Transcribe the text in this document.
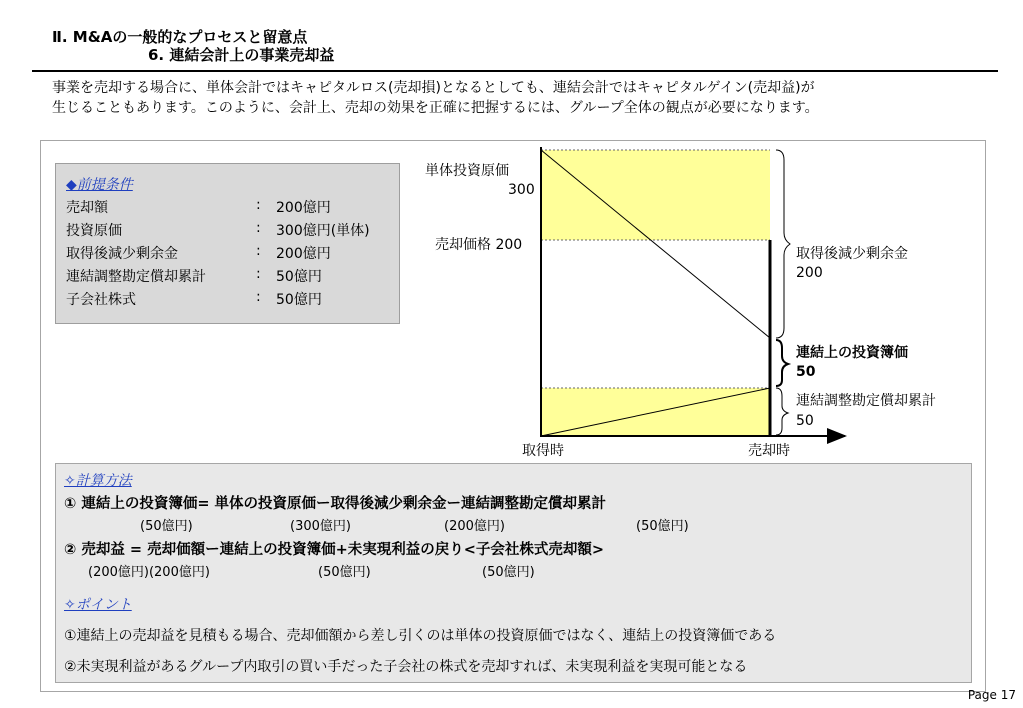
Ⅱ. M&Aの一般的なプロセスと留意点
6. 連結会計上の事業売却益
事業を売却する場合に、単体会計ではキャピタルロス(売却損)となるとしても、連結会計ではキャピタルゲイン(売却益)が
生じることもあります。このように、会計上、売却の効果を正確に把握するには、グループ全体の観点が必要になります。
◆前提条件
売却額	: 200億円
投資原価	: 300億円(単体)
取得後減少剰余金	: 200億円
連結調整勘定償却累計	: 50億円
子会社株式	: 50億円
単体投資原価
300
売却価格 200
取得時	売却時
取得後減少剰余金
200
連結上の投資簿価
50
連結調整勘定償却累計
50
✧計算方法
① 連結上の投資簿価= 単体の投資原価ー取得後減少剰余金ー連結調整勘定償却累計
(50億円)	(300億円)	(200億円)	(50億円)
② 売却益 = 売却価額ー連結上の投資簿価+未実現利益の戻り<子会社株式売却額>
(200億円)(200億円)	(50億円)	(50億円)
✧ポイント
①連結上の売却益を見積もる場合、売却価額から差し引くのは単体の投資原価ではなく、連結上の投資簿価である
②未実現利益があるグループ内取引の買い手だった子会社の株式を売却すれば、未実現利益を実現可能となる
Page 17
